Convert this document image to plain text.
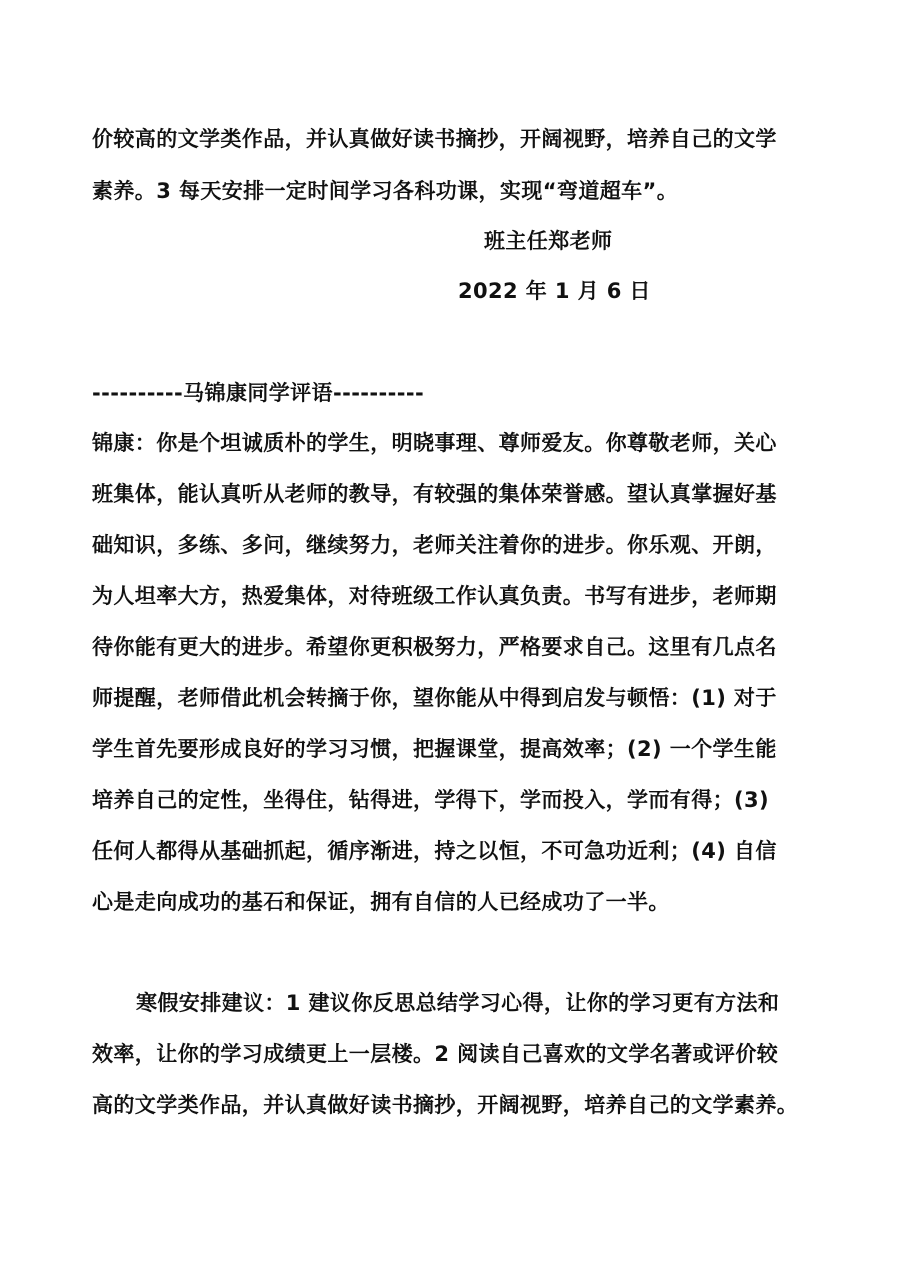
价较高的文学类作品，并认真做好读书摘抄，开阔视野，培养自己的文学
素养。3 每天安排一定时间学习各科功课，实现“弯道超车”。
班主任郑老师
2022 年 1 月 6 日
----------马锦康同学评语----------
锦康：你是个坦诚质朴的学生，明晓事理、尊师爱友。你尊敬老师，关心
班集体，能认真听从老师的教导，有较强的集体荣誉感。望认真掌握好基
础知识，多练、多问，继续努力，老师关注着你的进步。你乐观、开朗，
为人坦率大方，热爱集体，对待班级工作认真负责。书写有进步，老师期
待你能有更大的进步。希望你更积极努力，严格要求自己。这里有几点名
师提醒，老师借此机会转摘于你，望你能从中得到启发与顿悟：(1) 对于
学生首先要形成良好的学习习惯，把握课堂，提高效率；(2) 一个学生能
培养自己的定性，坐得住，钻得进，学得下，学而投入，学而有得；(3)
任何人都得从基础抓起，循序渐进，持之以恒，不可急功近利；(4) 自信
心是走向成功的基石和保证，拥有自信的人已经成功了一半。
寒假安排建议：1 建议你反思总结学习心得，让你的学习更有方法和
效率，让你的学习成绩更上一层楼。2 阅读自己喜欢的文学名著或评价较
高的文学类作品，并认真做好读书摘抄，开阔视野，培养自己的文学素养。
